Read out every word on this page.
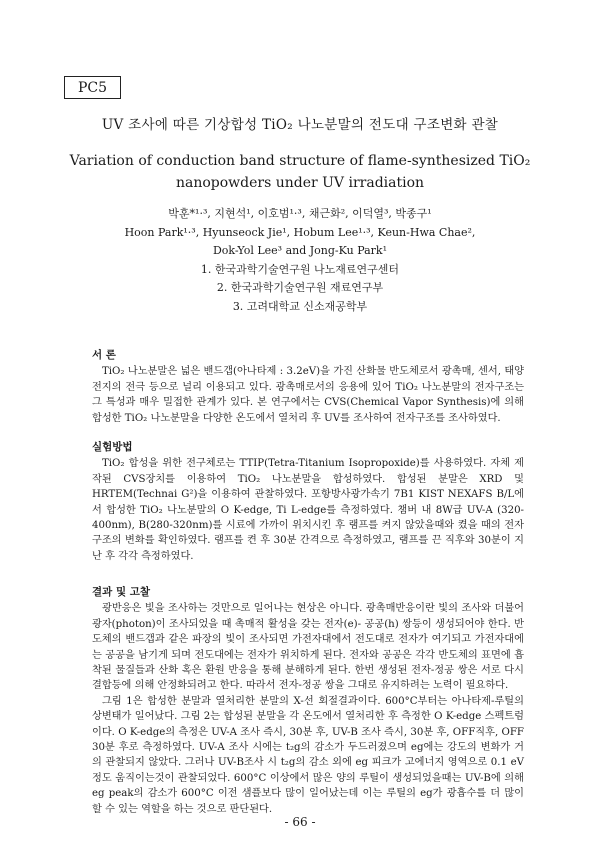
PC5
UV 조사에 따른 기상합성 TiO₂ 나노분말의 전도대 구조변화 관찰
Variation of conduction band structure of flame-synthesized TiO₂
nanopowders under UV irradiation
박훈*¹·³, 지현석¹, 이호범¹·³, 채근화², 이덕열³, 박종구¹
Hoon Park¹·³, Hyunseock Jie¹, Hobum Lee¹·³, Keun-Hwa Chae²,
Dok-Yol Lee³ and Jong-Ku Park¹
1. 한국과학기술연구원 나노재료연구센터
2. 한국과학기술연구원 재료연구부
3. 고려대학교 신소재공학부
서 론
TiO₂ 나노분말은 넓은 밴드갭(아나타제 : 3.2eV)을 가진 산화물 반도체로서 광촉매, 센서, 태양전지의 전극 등으로 널리 이용되고 있다. 광촉매로서의 응용에 있어 TiO₂ 나노분말의 전자구조는 그 특성과 매우 밀접한 관계가 있다. 본 연구에서는 CVS(Chemical Vapor Synthesis)에 의해 합성한 TiO₂ 나노분말을 다양한 온도에서 열처리 후 UV를 조사하여 전자구조를 조사하였다.
실험방법
TiO₂ 합성을 위한 전구체로는 TTIP(Tetra-Titanium Isopropoxide)를 사용하였다. 자체 제작된 CVS장치를 이용하여 TiO₂ 나노분말을 합성하였다. 합성된 분말은 XRD 및 HRTEM(Technai G²)을 이용하여 관찰하였다. 포항방사광가속기 7B1 KIST NEXAFS B/L에서 합성한 TiO₂ 나노분말의 O K-edge, Ti L-edge를 측정하였다. 챔버 내 8W급 UV-A (320-400nm), B(280-320nm)를 시료에 가까이 위치시킨 후 램프를 켜지 않았을때와 켰을 때의 전자구조의 변화를 확인하였다. 램프를 켠 후 30분 간격으로 측정하였고, 램프를 끈 직후와 30분이 지난 후 각각 측정하였다.
결과 및 고찰
광반응은 빛을 조사하는 것만으로 일어나는 현상은 아니다. 광촉매반응이란 빛의 조사와 더불어 광자(photon)이 조사되었을 때 촉매적 활성을 갖는 전자(e)- 공공(h) 쌍등이 생성되어야 한다. 반도체의 밴드갭과 같은 파장의 빛이 조사되면 가전자대에서 전도대로 전자가 여기되고 가전자대에는 공공을 남기게 되며 전도대에는 전자가 위치하게 된다. 전자와 공공은 각각 반도체의 표면에 흡착된 물질들과 산화 혹은 환원 반응을 통해 분해하게 된다. 한번 생성된 전자-정공 쌍은 서로 다시 결합등에 의해 안정화되려고 한다. 따라서 전자-정공 쌍을 그대로 유지하려는 노력이 필요하다.
그림 1은 합성한 분말과 열처리한 분말의 X-선 회절결과이다. 600°C부터는 아나타제-루틸의 상변태가 일어났다. 그림 2는 합성된 분말을 각 온도에서 열처리한 후 측정한 O K-edge 스펙트럼이다. O K-edge의 측정은 UV-A 조사 즉시, 30분 후, UV-B 조사 즉시, 30분 후, OFF직후, OFF 30분 후로 측정하였다. UV-A 조사 시에는 t₂g의 감소가 두드러졌으며 eg에는 강도의 변화가 거의 관찰되지 않았다. 그러나 UV-B조사 시 t₂g의 감소 외에 eg 피크가 고에너지 영역으로 0.1 eV 정도 움직이는것이 관찰되었다. 600°C 이상에서 많은 양의 루틸이 생성되었을때는 UV-B에 의해 eg peak의 감소가 600°C 이전 샘플보다 많이 일어났는데 이는 루틸의 eg가 광흡수를 더 많이 할 수 있는 역할을 하는 것으로 판단된다.
- 66 -
